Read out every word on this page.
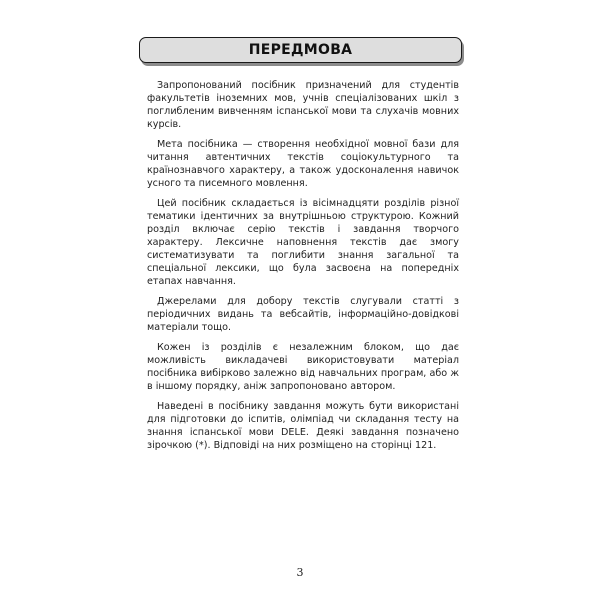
ПЕРЕДМОВА

Запропонований посібник призначений для студентів факультетів іноземних мов, учнів спеціалізованих шкіл з поглибленим вивченням іспанської мови та слухачів мовних курсів.

Мета посібника — створення необхідної мовної бази для читання автентичних текстів соціокультурного та країнознавчого характеру, а також удосконалення навичок усного та писемного мовлення.

Цей посібник складається із вісімнадцяти розділів різної тематики ідентичних за внутрішньою структурою. Кожний розділ включає серію текстів і завдання творчого характеру. Лексичне наповнення текстів дає змогу систематизувати та поглибити знання загальної та спеціальної лексики, що була засвоєна на попередніх етапах навчання.

Джерелами для добору текстів слугували статті з періодичних видань та вебсайтів, інформаційно-довідкові матеріали тощо.

Кожен із розділів є незалежним блоком, що дає можливість викладачеві використовувати матеріал посібника вибірково залежно від навчальних програм, або ж в іншому порядку, аніж запропоновано автором.

Наведені в посібнику завдання можуть бути використані для підготовки до іспитів, олімпіад чи складання тесту на знання іспанської мови DELE. Деякі завдання позначено зірочкою (*). Відповіді на них розміщено на сторінці 121.

3
